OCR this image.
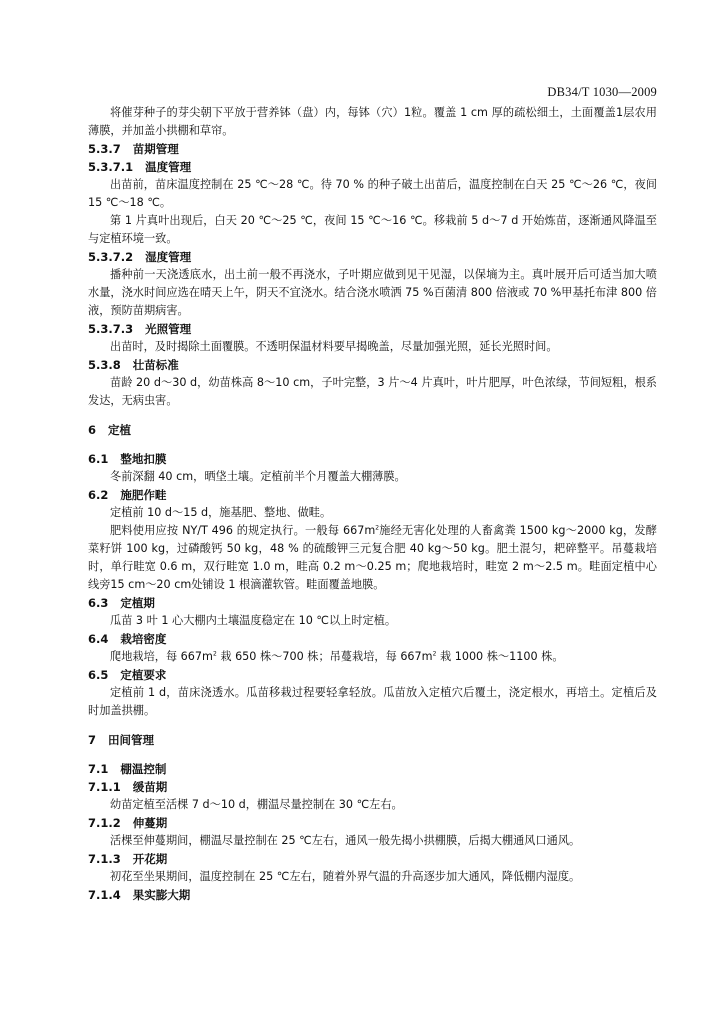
DB34/T 1030—2009

将催芽种子的芽尖朝下平放于营养钵（盘）内，每钵（穴）1粒。覆盖 1 cm 厚的疏松细土，土面覆盖1层农用薄膜，并加盖小拱棚和草帘。

5.3.7 苗期管理
5.3.7.1 温度管理

出苗前，苗床温度控制在 25 ℃～28 ℃。待 70 % 的种子破土出苗后，温度控制在白天 25 ℃～26 ℃，夜间 15 ℃～18 ℃。

第 1 片真叶出现后，白天 20 ℃～25 ℃，夜间 15 ℃～16 ℃。移栽前 5 d～7 d 开始炼苗，逐渐通风降温至与定植环境一致。

5.3.7.2 湿度管理

播种前一天浇透底水，出土前一般不再浇水，子叶期应做到见干见湿，以保墒为主。真叶展开后可适当加大喷水量，浇水时间应选在晴天上午，阴天不宜浇水。结合浇水喷洒 75 %百菌清 800 倍液或 70 %甲基托布津 800 倍液，预防苗期病害。

5.3.7.3 光照管理

出苗时，及时揭除土面覆膜。不透明保温材料要早揭晚盖，尽量加强光照，延长光照时间。

5.3.8 壮苗标准

苗龄 20 d～30 d，幼苗株高 8～10 cm，子叶完整，3 片～4 片真叶，叶片肥厚，叶色浓绿，节间短粗，根系发达，无病虫害。

6 定植
6.1 整地扣膜

冬前深翻 40 cm，晒垡土壤。定植前半个月覆盖大棚薄膜。

6.2 施肥作畦

定植前 10 d～15 d，施基肥、整地、做畦。

肥料使用应按 NY/T 496 的规定执行。一般每 $667m^2$施经无害化处理的人畜禽粪 1500 kg～2000 kg，发酵菜籽饼 100 kg，过磷酸钙 50 kg，48 % 的硫酸钾三元复合肥 40 kg～50 kg。肥土混匀，耙碎整平。吊蔓栽培时，单行畦宽 0.6 m，双行畦宽 1.0 m，畦高 0.2 m～0.25 m；爬地栽培时，畦宽 2 m～2.5 m。畦面定植中心线旁15 cm～20 cm处铺设 1 根滴灌软管。畦面覆盖地膜。

6.3 定植期

瓜苗 3 叶 1 心大棚内土壤温度稳定在 10 ℃以上时定植。

6.4 栽培密度

爬地栽培，每 $667m^2$ 栽 650 株～700 株；吊蔓栽培，每 $667m^2$ 栽 1000 株～1100 株。

6.5 定植要求

定植前 1 d，苗床浇透水。瓜苗移栽过程要轻拿轻放。瓜苗放入定植穴后覆土，浇定根水，再培土。定植后及时加盖拱棚。

7 田间管理
7.1 棚温控制
7.1.1 缓苗期

幼苗定植至活棵 7 d～10 d，棚温尽量控制在 30 ℃左右。

7.1.2 伸蔓期

活棵至伸蔓期间，棚温尽量控制在 25 ℃左右，通风一般先揭小拱棚膜，后揭大棚通风口通风。

7.1.3 开花期

初花至坐果期间，温度控制在 25 ℃左右，随着外界气温的升高逐步加大通风，降低棚内湿度。

7.1.4 果实膨大期
